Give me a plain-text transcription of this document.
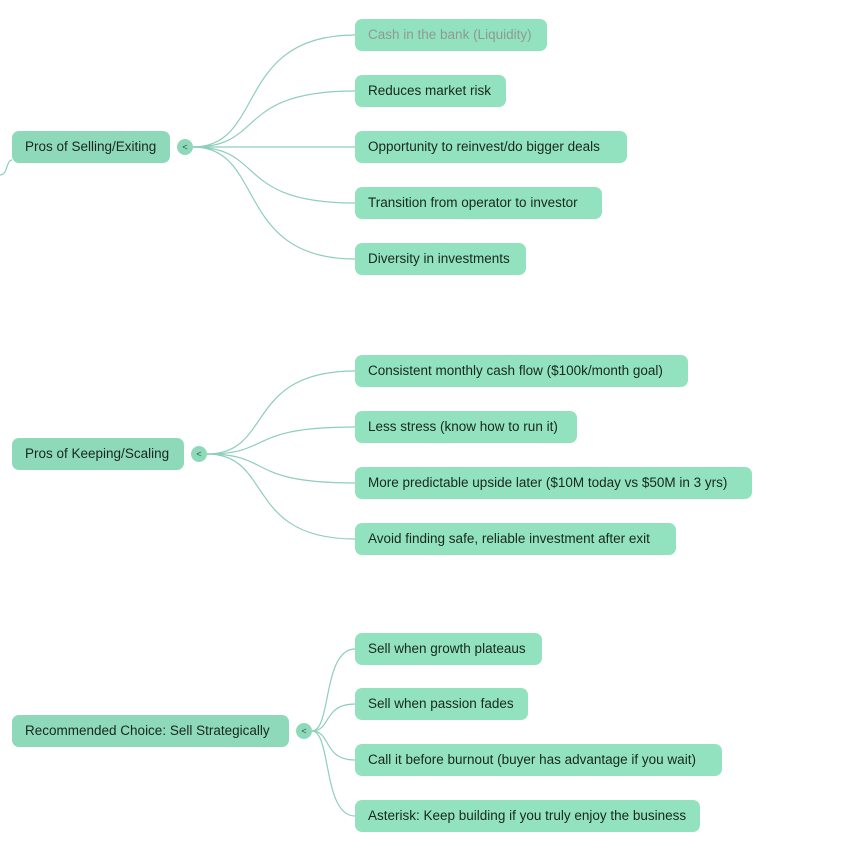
Pros of Selling/Exiting	<
Cash in the bank (Liquidity)
Reduces market risk
Opportunity to reinvest/do bigger deals
Transition from operator to investor
Diversity in investments
Pros of Keeping/Scaling	<
Consistent monthly cash flow ($100k/month goal)
Less stress (know how to run it)
More predictable upside later ($10M today vs $50M in 3 yrs)
Avoid finding safe, reliable investment after exit
Recommended Choice: Sell Strategically	<
Sell when growth plateaus
Sell when passion fades
Call it before burnout (buyer has advantage if you wait)
Asterisk: Keep building if you truly enjoy the business
